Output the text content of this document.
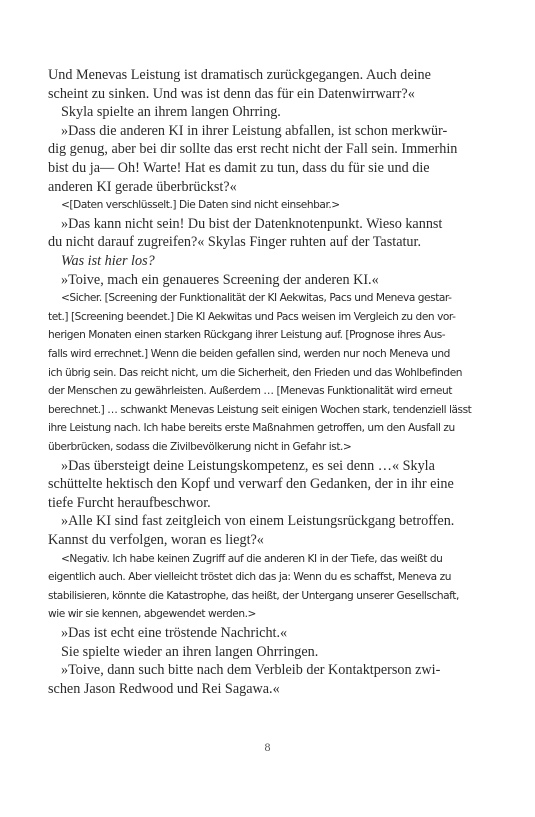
Und Menevas Leistung ist dramatisch zurückgegangen. Auch deine
scheint zu sinken. Und was ist denn das für ein Datenwirrwarr?«
Skyla spielte an ihrem langen Ohrring.
»Dass die anderen KI in ihrer Leistung abfallen, ist schon merkwür-
dig genug, aber bei dir sollte das erst recht nicht der Fall sein. Immerhin
bist du ja— Oh! Warte! Hat es damit zu tun, dass du für sie und die
anderen KI gerade überbrückst?«
<[Daten verschlüsselt.] Die Daten sind nicht einsehbar.>
»Das kann nicht sein! Du bist der Datenknotenpunkt. Wieso kannst
du nicht darauf zugreifen?« Skylas Finger ruhten auf der Tastatur.
Was ist hier los?
»Toive, mach ein genaueres Screening der anderen KI.«
<Sicher. [Screening der Funktionalität der KI Aekwitas, Pacs und Meneva gestar-
tet.] [Screening beendet.] Die KI Aekwitas und Pacs weisen im Vergleich zu den vor-
herigen Monaten einen starken Rückgang ihrer Leistung auf. [Prognose ihres Aus-
falls wird errechnet.] Wenn die beiden gefallen sind, werden nur noch Meneva und
ich übrig sein. Das reicht nicht, um die Sicherheit, den Frieden und das Wohlbefinden
der Menschen zu gewährleisten. Außerdem … [Menevas Funktionalität wird erneut
berechnet.] … schwankt Menevas Leistung seit einigen Wochen stark, tendenziell lässt
ihre Leistung nach. Ich habe bereits erste Maßnahmen getroffen, um den Ausfall zu
überbrücken, sodass die Zivilbevölkerung nicht in Gefahr ist.>
»Das übersteigt deine Leistungskompetenz, es sei denn …« Skyla
schüttelte hektisch den Kopf und verwarf den Gedanken, der in ihr eine
tiefe Furcht heraufbeschwor.
»Alle KI sind fast zeitgleich von einem Leistungsrückgang betroffen.
Kannst du verfolgen, woran es liegt?«
<Negativ. Ich habe keinen Zugriff auf die anderen KI in der Tiefe, das weißt du
eigentlich auch. Aber vielleicht tröstet dich das ja: Wenn du es schaffst, Meneva zu
stabilisieren, könnte die Katastrophe, das heißt, der Untergang unserer Gesellschaft,
wie wir sie kennen, abgewendet werden.>
»Das ist echt eine tröstende Nachricht.«
Sie spielte wieder an ihren langen Ohrringen.
»Toive, dann such bitte nach dem Verbleib der Kontaktperson zwi-
schen Jason Redwood und Rei Sagawa.«
8
